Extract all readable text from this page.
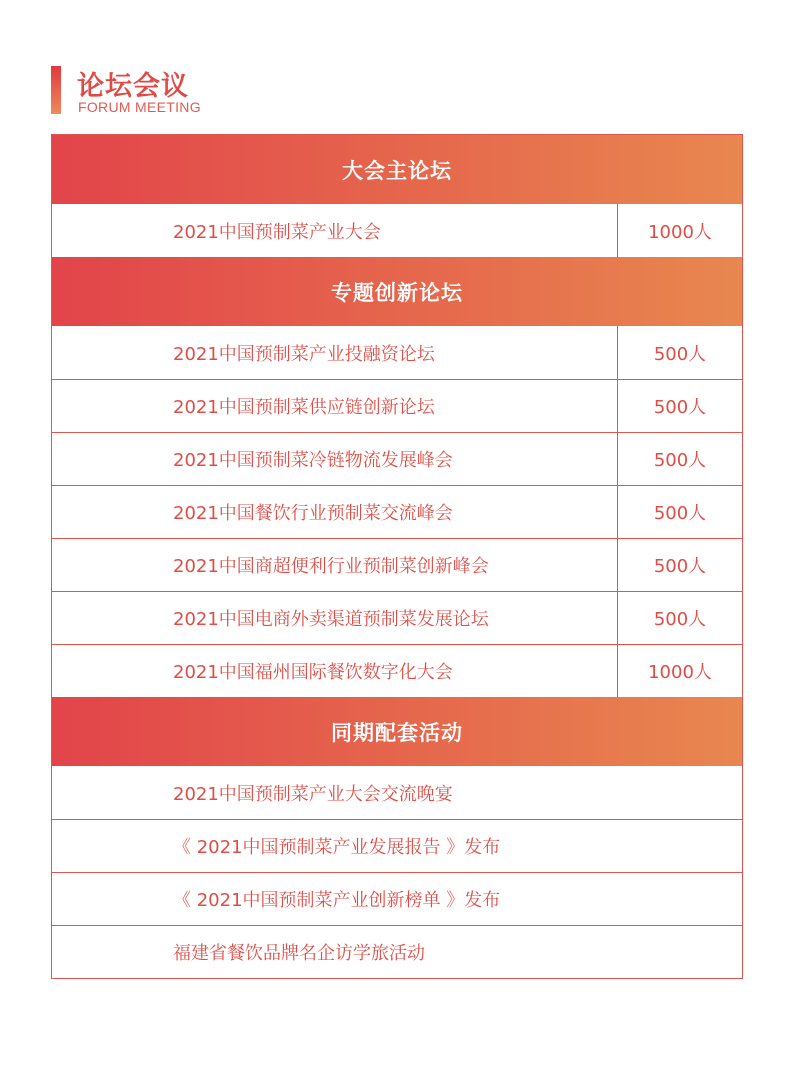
论坛会议
FORUM MEETING
大会主论坛
2021中国预制菜产业大会	1000人
专题创新论坛
2021中国预制菜产业投融资论坛	500人
2021中国预制菜供应链创新论坛	500人
2021中国预制菜冷链物流发展峰会	500人
2021中国餐饮行业预制菜交流峰会	500人
2021中国商超便利行业预制菜创新峰会	500人
2021中国电商外卖渠道预制菜发展论坛	500人
2021中国福州国际餐饮数字化大会	1000人
同期配套活动
2021中国预制菜产业大会交流晚宴
《 2021中国预制菜产业发展报告 》发布
《 2021中国预制菜产业创新榜单 》发布
福建省餐饮品牌名企访学旅活动
